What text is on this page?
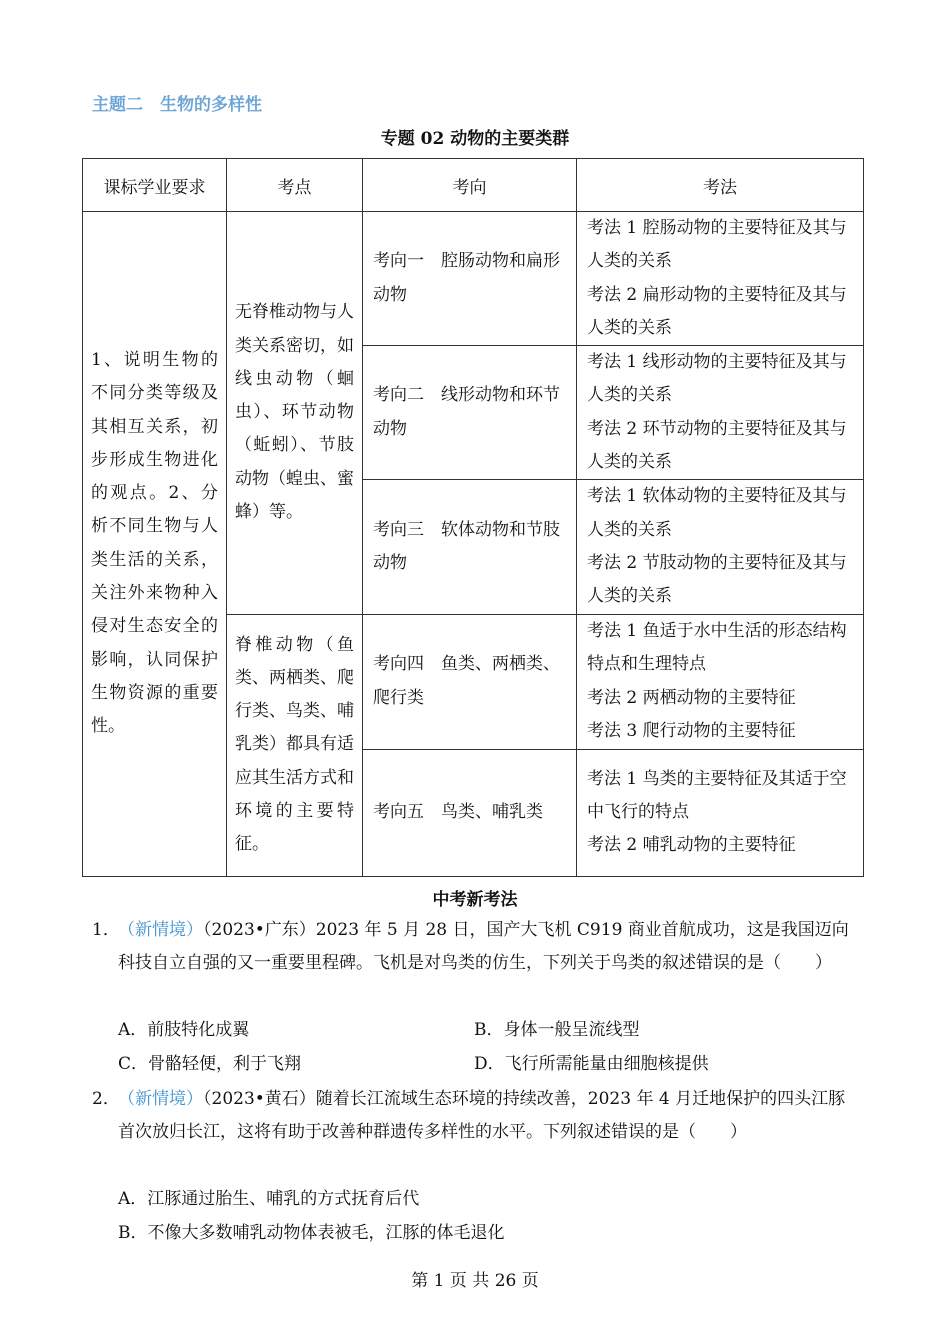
主题二　生物的多样性
专题 02 动物的主要类群
课标学业要求	考点	考向	考法

1、说明生物的不同分类等级及其相互关系，初步形成生物进化的观点。2、分析不同生物与人类生活的关系，关注外来物种入侵对生态安全的影响，认同保护生物资源的重要性。	无脊椎动物与人类关系密切，如线虫动物（蛔虫）、环节动物（蚯蚓）、节肢动物（蝗虫、蜜蜂）等。	考向一　腔肠动物和扁形动物	考法 1 腔肠动物的主要特征及其与人类的关系
考法 2 扁形动物的主要特征及其与人类的关系

		考向二　线形动物和环节动物	考法 1 线形动物的主要特征及其与人类的关系
考法 2 环节动物的主要特征及其与人类的关系

		考向三　软体动物和节肢动物	考法 1 软体动物的主要特征及其与人类的关系
考法 2 节肢动物的主要特征及其与人类的关系

	脊椎动物（鱼类、两栖类、爬行类、鸟类、哺乳类）都具有适应其生活方式和环境的主要特征。	考向四　鱼类、两栖类、爬行类	考法 1 鱼适于水中生活的形态结构特点和生理特点
考法 2 两栖动物的主要特征
考法 3 爬行动物的主要特征

		考向五　鸟类、哺乳类	考法 1 鸟类的主要特征及其适于空中飞行的特点
考法 2 哺乳动物的主要特征
中考新考法
1．
（新情境）（2023•广东）2023 年 5 月 28 日，国产大飞机 C919 商业首航成功，这是我国迈向科技自立自强的又一重要里程碑。飞机是对鸟类的仿生，下列关于鸟类的叙述错误的是（　　）
A．前肢特化成翼	B．身体一般呈流线型
C．骨骼轻便，利于飞翔	D．飞行所需能量由细胞核提供
2．
（新情境）（2023•黄石）随着长江流域生态环境的持续改善，2023 年 4 月迁地保护的四头江豚首次放归长江，这将有助于改善种群遗传多样性的水平。下列叙述错误的是（　　）
A．江豚通过胎生、哺乳的方式抚育后代
B．不像大多数哺乳动物体表被毛，江豚的体毛退化
第 1 页 共 26 页
